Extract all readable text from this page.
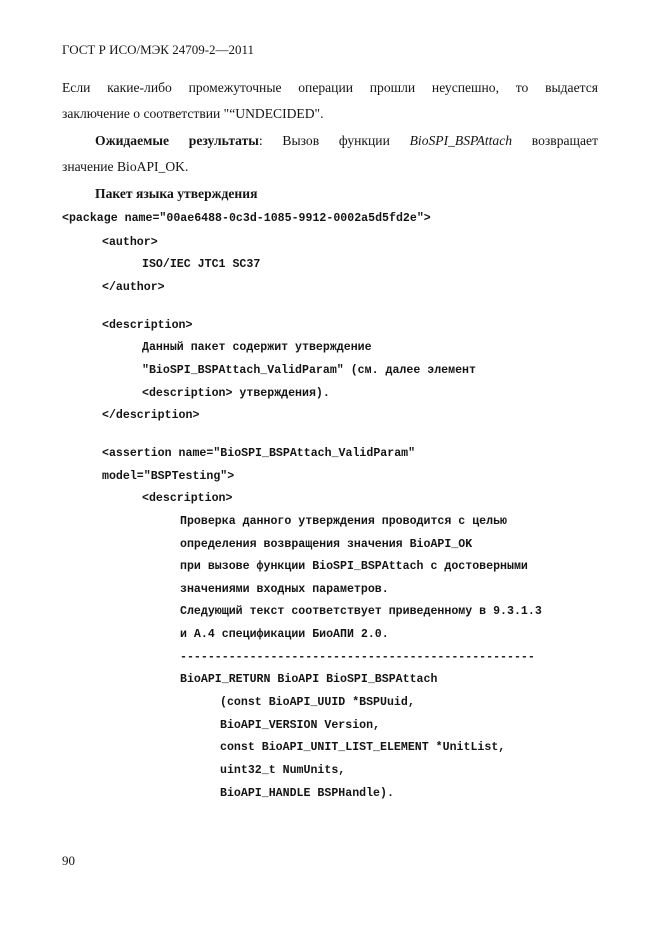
ГОСТ Р ИСО/МЭК 24709-2—2011

Если какие-либо промежуточные операции прошли неуспешно, то выдается
заключение о соответствии "“UNDECIDED".

Ожидаемые результаты: Вызов функции BioSPI_BSPAttach возвращает
значение BioAPI_OK.

Пакет языка утверждения
<package name="00ae6488-0c3d-1085-9912-0002a5d5fd2e">
<author>
ISO/IEC JTC1 SC37
</author>
<description>
Данный пакет содержит утверждение
"BioSPI_BSPAttach_ValidParam" (см. далее элемент
<description> утверждения).
</description>
<assertion name="BioSPI_BSPAttach_ValidParam"
model="BSPTesting">
<description>
Проверка данного утверждения проводится с целью
определения возвращения значения BioAPI_OK
при вызове функции BioSPI_BSPAttach с достоверными
значениями входных параметров.
Следующий текст соответствует приведенному в 9.3.1.3
и А.4 спецификации БиоАПИ 2.0.
---------------------------------------------------
BioAPI_RETURN BioAPI BioSPI_BSPAttach
(const BioAPI_UUID *BSPUuid,
BioAPI_VERSION Version,
const BioAPI_UNIT_LIST_ELEMENT *UnitList,
uint32_t NumUnits,
BioAPI_HANDLE BSPHandle).
90
